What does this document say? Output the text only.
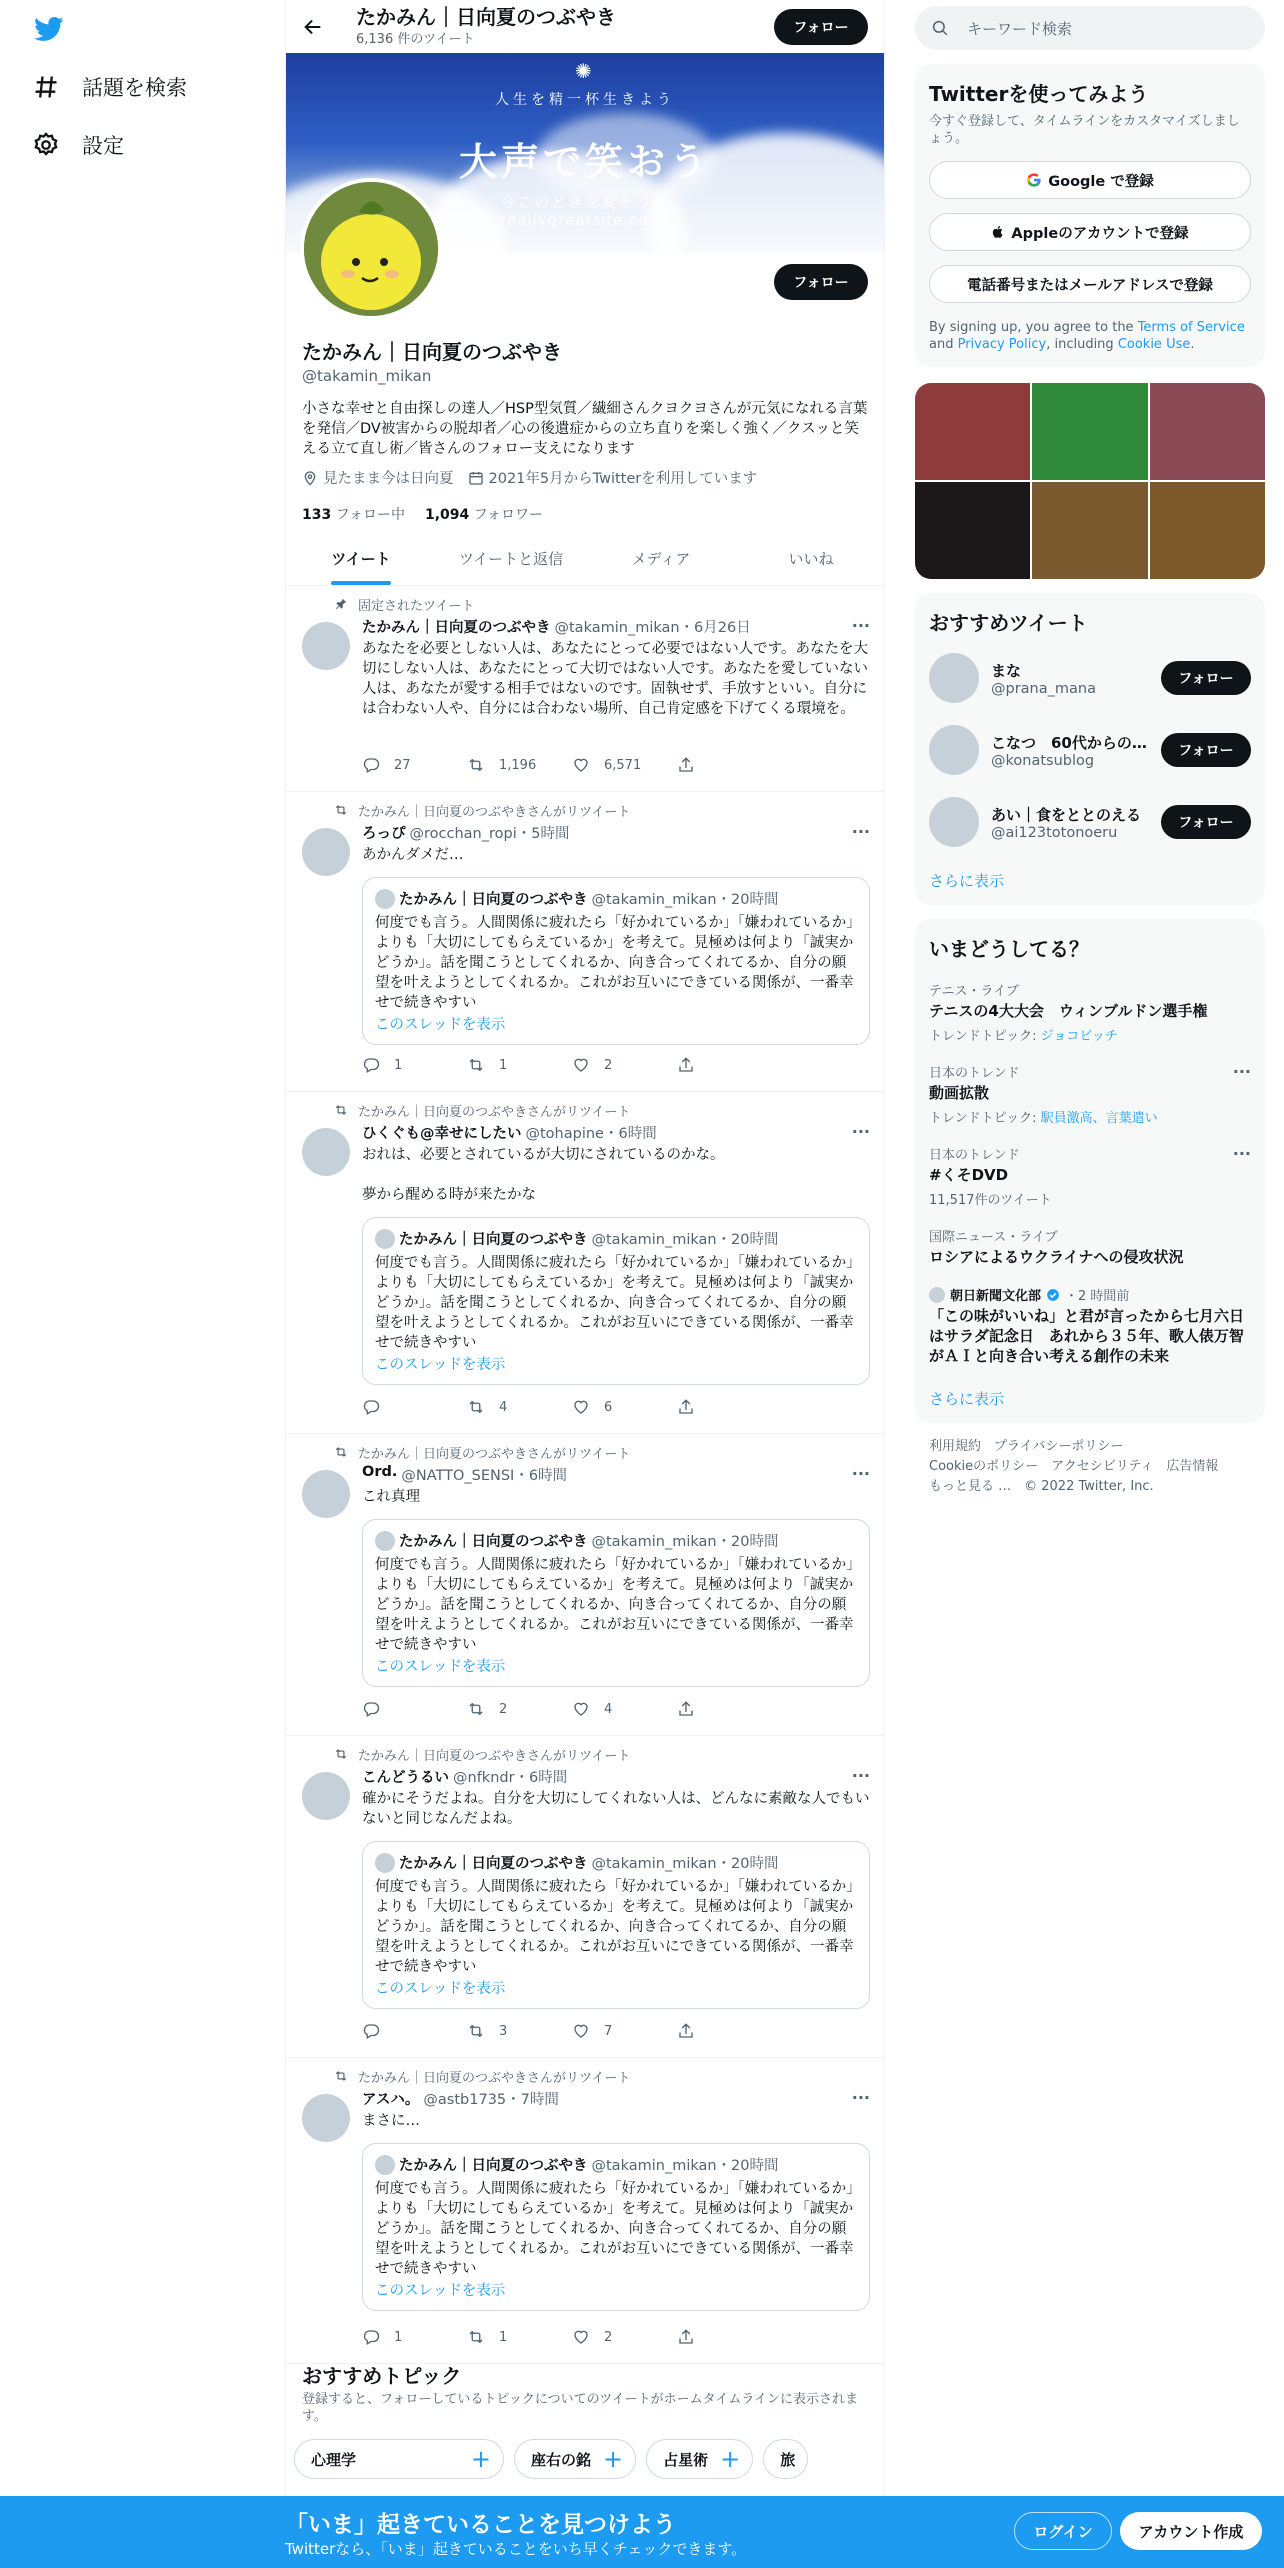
話題を検索
設定
たかみん｜日向夏のつぶやき
6,136 件のツイート
フォロー
✺
人生を精一杯生きよう
大声で笑おう
今このときを愛そう！
reallygreatsite.co.jp
フォロー
たかみん｜日向夏のつぶやき
@takamin_mikan
小さな幸せと自由探しの達人／HSP型気質／繊細さんクヨクヨさんが元気になれる言葉を発信／DV被害からの脱却者／心の後遺症からの立ち直りを楽しく強く／クスッと笑える立て直し術／皆さんのフォロー支えになります
見たまま今は日向夏 2021年5月からTwitterを利用しています
133 フォロー中 1,094 フォロワー
ツイート	ツイートと返信	メディア	いいね
固定されたツイート
···
たかみん｜日向夏のつぶやき @takamin_mikan・6月26日
あなたを必要としない人は、あなたにとって必要ではない人です。あなたを大切にしない人は、あなたにとって大切ではない人です。あなたを愛していない人は、あなたが愛する相手ではないのです。固執せず、手放すといい。自分には合わない人や、自分には合わない場所、自己肯定感を下げてくる環境を。
27	1,196	6,571
たかみん｜日向夏のつぶやきさんがリツイート
···
ろっぴ @rocchan_ropi・5時間
あかんダメだ…
たかみん｜日向夏のつぶやき @takamin_mikan・20時間
何度でも言う。人間関係に疲れたら「好かれているか」「嫌われているか」よりも「大切にしてもらえているか」を考えて。見極めは何より「誠実かどうか」。話を聞こうとしてくれるか、向き合ってくれてるか、自分の願望を叶えようとしてくれるか。これがお互いにできている関係が、一番幸せで続きやすい
このスレッドを表示
1	1	2
たかみん｜日向夏のつぶやきさんがリツイート
···
ひくぐも@幸せにしたい @tohapine・6時間
おれは、必要とされているが大切にされているのかな。
夢から醒める時が来たかな
たかみん｜日向夏のつぶやき @takamin_mikan・20時間
何度でも言う。人間関係に疲れたら「好かれているか」「嫌われているか」よりも「大切にしてもらえているか」を考えて。見極めは何より「誠実かどうか」。話を聞こうとしてくれるか、向き合ってくれてるか、自分の願望を叶えようとしてくれるか。これがお互いにできている関係が、一番幸せで続きやすい
このスレッドを表示
4	6
たかみん｜日向夏のつぶやきさんがリツイート
···
Ord. @NATTO_SENSI・6時間
これ真理
たかみん｜日向夏のつぶやき @takamin_mikan・20時間
何度でも言う。人間関係に疲れたら「好かれているか」「嫌われているか」よりも「大切にしてもらえているか」を考えて。見極めは何より「誠実かどうか」。話を聞こうとしてくれるか、向き合ってくれてるか、自分の願望を叶えようとしてくれるか。これがお互いにできている関係が、一番幸せで続きやすい
このスレッドを表示
2	4
たかみん｜日向夏のつぶやきさんがリツイート
···
こんどうるい @nfkndr・6時間
確かにそうだよね。自分を大切にしてくれない人は、どんなに素敵な人でもいないと同じなんだよね。
たかみん｜日向夏のつぶやき @takamin_mikan・20時間
何度でも言う。人間関係に疲れたら「好かれているか」「嫌われているか」よりも「大切にしてもらえているか」を考えて。見極めは何より「誠実かどうか」。話を聞こうとしてくれるか、向き合ってくれてるか、自分の願望を叶えようとしてくれるか。これがお互いにできている関係が、一番幸せで続きやすい
このスレッドを表示
3	7
たかみん｜日向夏のつぶやきさんがリツイート
···
アスハ。 @astb1735・7時間
まさに…
たかみん｜日向夏のつぶやき @takamin_mikan・20時間
何度でも言う。人間関係に疲れたら「好かれているか」「嫌われているか」よりも「大切にしてもらえているか」を考えて。見極めは何より「誠実かどうか」。話を聞こうとしてくれるか、向き合ってくれてるか、自分の願望を叶えようとしてくれるか。これがお互いにできている関係が、一番幸せで続きやすい
このスレッドを表示
1	1	2
おすすめトピック

登録すると、フォローしているトピックについてのツイートがホームタイムラインに表示されます。

心理学	+	座右の銘 +	占星術 +	旅
キーワード検索
Twitterを使ってみよう
今すぐ登録して、タイムラインをカスタマイズしましょう。
Google で登録
Appleのアカウントで登録
電話番号またはメールアドレスで登録
By signing up, you agree to the Terms of Service and Privacy Policy, including Cookie Use.
おすすめツイート
まな
@prana_mana
フォロー
こなつ　60代からの…
@konatsublog
フォロー
あい｜食をととのえる
@ai123totonoeru
フォロー
さらに表示
いまどうしてる？
テニス・ライブ
テニスの4大大会　ウィンブルドン選手権
トレンドトピック: ジョコビッチ
日本のトレンド
動画拡散
トレンドトピック: 駅員激高、言葉遣い
···
日本のトレンド
#くそDVD
11,517件のツイート
···
国際ニュース・ライブ
ロシアによるウクライナへの侵攻状況
朝日新聞文化部 ・2 時間前
「この味がいいね」と君が言ったから七月六日はサラダ記念日　あれから３５年、歌人俵万智がＡＩと向き合い考える創作の未来
さらに表示
利用規約　プライバシーポリシー
Cookieのポリシー　アクセシビリティ　広告情報
もっと見る …　© 2022 Twitter, Inc.
「いま」起きていることを見つけよう
Twitterなら、「いま」起きていることをいち早くチェックできます。
ログイン	アカウント作成
